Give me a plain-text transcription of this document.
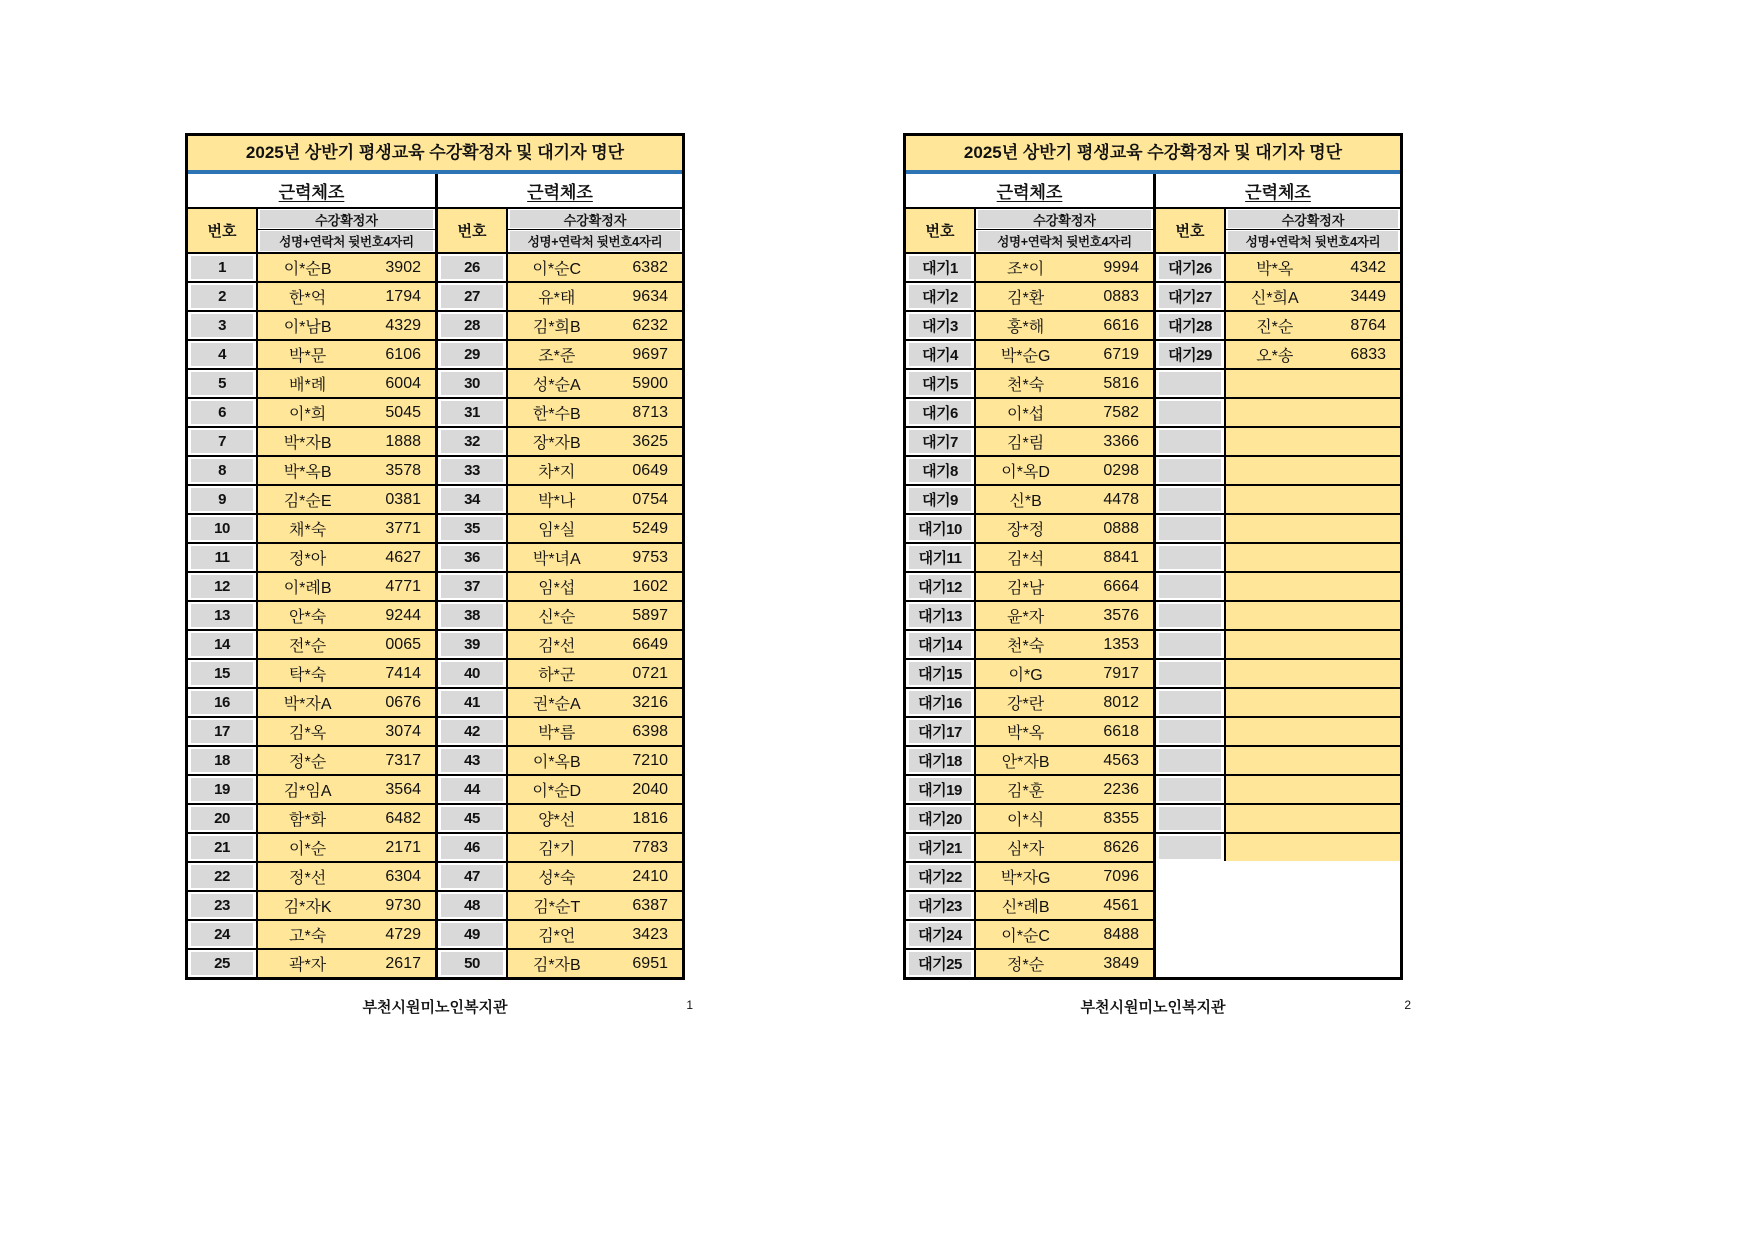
2025년 상반기 평생교육 수강확정자 및 대기자 명단
근력체조	근력체조
번호
수강확정자
성명+연락처 뒷번호4자리
1	이*순B	3902
2	한*억	1794
3	이*남B	4329
4	박*문	6106
5	배*례	6004
6	이*희	5045
7	박*자B	1888
8	박*옥B	3578
9	김*순E	0381
10	채*숙	3771
11	정*아	4627
12	이*례B	4771
13	안*숙	9244
14	전*순	0065
15	탁*숙	7414
16	박*자A	0676
17	김*옥	3074
18	정*순	7317
19	김*임A	3564
20	함*화	6482
21	이*순	2171
22	정*선	6304
23	김*자K	9730
24	고*숙	4729
25	곽*자	2617
번호
수강확정자
성명+연락처 뒷번호4자리
26	이*순C	6382
27	유*태	9634
28	김*희B	6232
29	조*준	9697
30	성*순A	5900
31	한*수B	8713
32	장*자B	3625
33	차*지	0649
34	박*나	0754
35	임*실	5249
36	박*녀A	9753
37	임*섭	1602
38	신*순	5897
39	김*선	6649
40	하*군	0721
41	권*순A	3216
42	박*름	6398
43	이*옥B	7210
44	이*순D	2040
45	양*선	1816
46	김*기	7783
47	성*숙	2410
48	김*순T	6387
49	김*언	3423
50	김*자B	6951
부천시원미노인복지관	1
2025년 상반기 평생교육 수강확정자 및 대기자 명단
근력체조	근력체조
번호
수강확정자
성명+연락처 뒷번호4자리
대기1	조*이	9994
대기2	김*환	0883
대기3	홍*해	6616
대기4	박*순G	6719
대기5	천*숙	5816
대기6	이*섭	7582
대기7	김*림	3366
대기8	이*옥D	0298
대기9	신*B	4478
대기10	장*정	0888
대기11	김*석	8841
대기12	김*남	6664
대기13	윤*자	3576
대기14	천*숙	1353
대기15	이*G	7917
대기16	강*란	8012
대기17	박*옥	6618
대기18	안*자B	4563
대기19	김*훈	2236
대기20	이*식	8355
대기21	심*자	8626
대기22	박*자G	7096
대기23	신*례B	4561
대기24	이*순C	8488
대기25	정*순	3849
번호
수강확정자
성명+연락처 뒷번호4자리
대기26	박*옥	4342
대기27	신*희A	3449
대기28	진*순	8764
대기29	오*송	6833
부천시원미노인복지관	2
